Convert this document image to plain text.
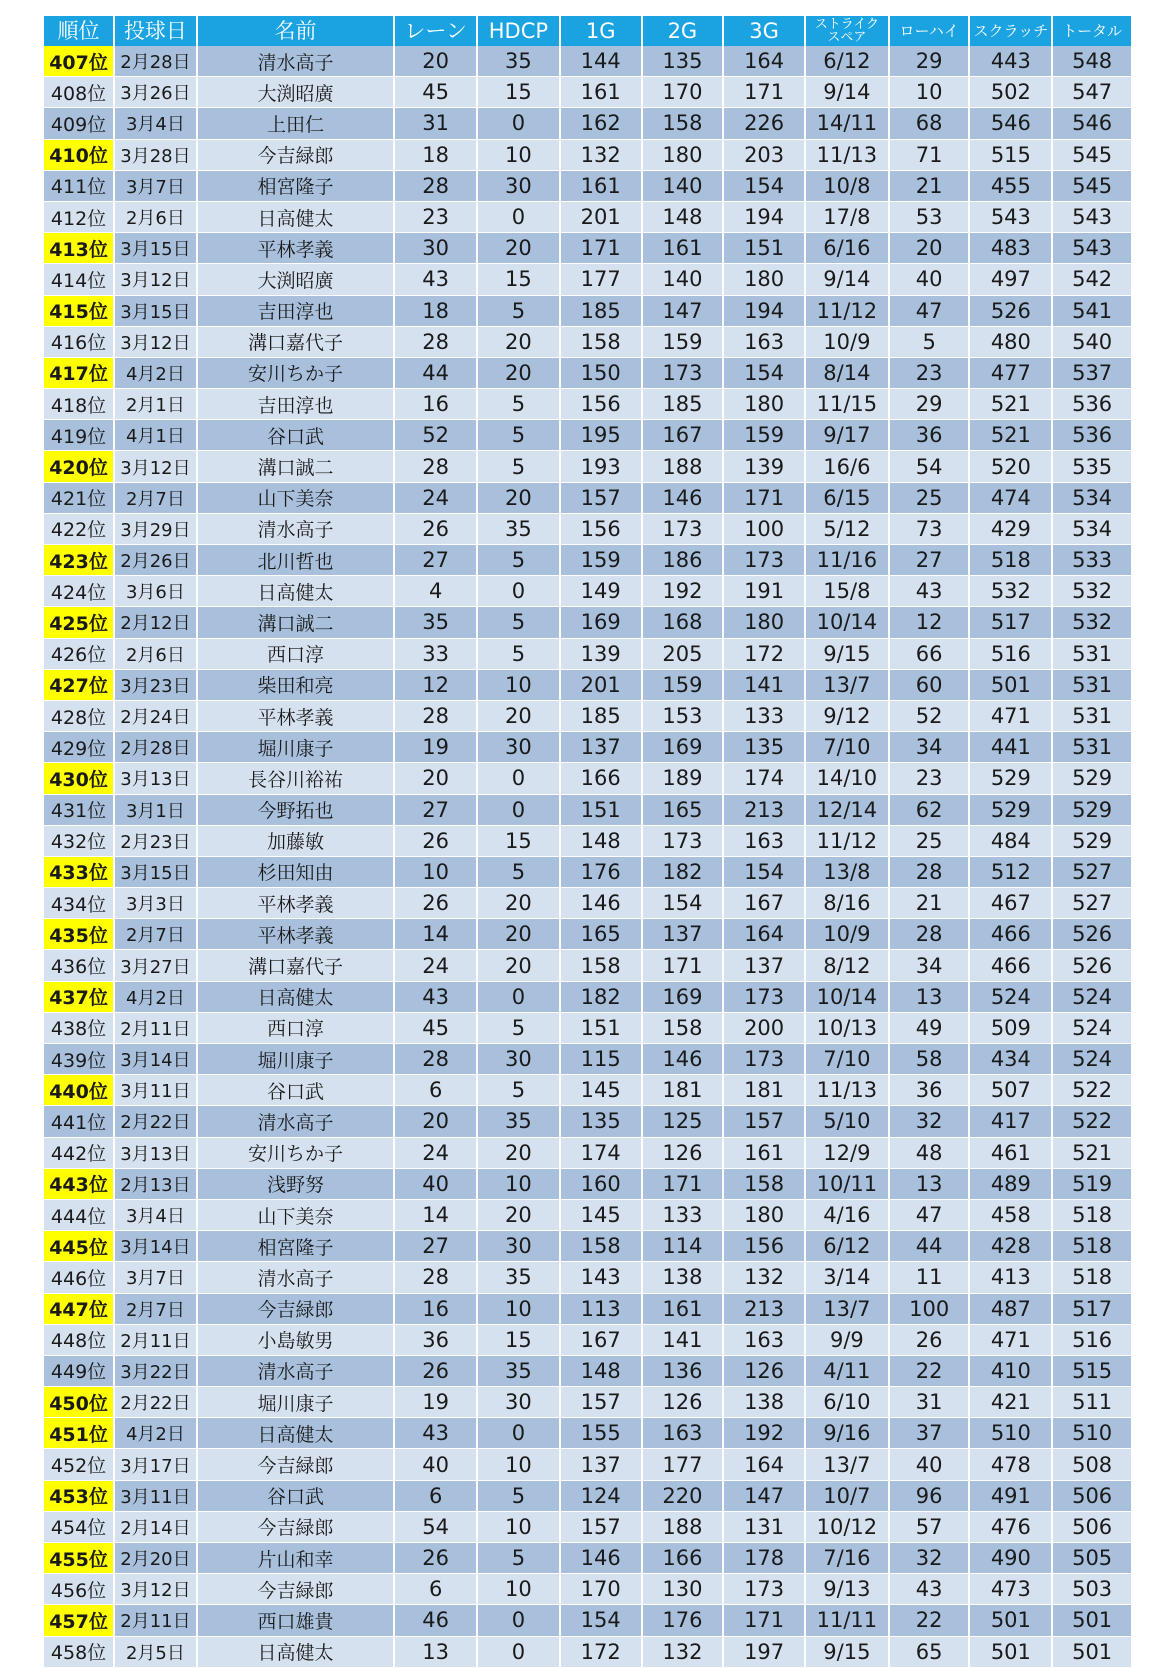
順位	投球日	名前	レーン	HDCP	1G	2G	3G	ストライク
スペア	ローハイ	スクラッチ	トータル
407位	2月28日	清水高子	20	35	144	135	164	6/12	29	443	548
408位	3月26日	大渕昭廣	45	15	161	170	171	9/14	10	502	547
409位	3月4日	上田仁	31	0	162	158	226	14/11	68	546	546
410位	3月28日	今吉緑郎	18	10	132	180	203	11/13	71	515	545
411位	3月7日	相宮隆子	28	30	161	140	154	10/8	21	455	545
412位	2月6日	日高健太	23	0	201	148	194	17/8	53	543	543
413位	3月15日	平林孝義	30	20	171	161	151	6/16	20	483	543
414位	3月12日	大渕昭廣	43	15	177	140	180	9/14	40	497	542
415位	3月15日	吉田淳也	18	5	185	147	194	11/12	47	526	541
416位	3月12日	溝口嘉代子	28	20	158	159	163	10/9	5	480	540
417位	4月2日	安川ちか子	44	20	150	173	154	8/14	23	477	537
418位	2月1日	吉田淳也	16	5	156	185	180	11/15	29	521	536
419位	4月1日	谷口武	52	5	195	167	159	9/17	36	521	536
420位	3月12日	溝口誠二	28	5	193	188	139	16/6	54	520	535
421位	2月7日	山下美奈	24	20	157	146	171	6/15	25	474	534
422位	3月29日	清水高子	26	35	156	173	100	5/12	73	429	534
423位	2月26日	北川哲也	27	5	159	186	173	11/16	27	518	533
424位	3月6日	日高健太	4	0	149	192	191	15/8	43	532	532
425位	2月12日	溝口誠二	35	5	169	168	180	10/14	12	517	532
426位	2月6日	西口淳	33	5	139	205	172	9/15	66	516	531
427位	3月23日	柴田和亮	12	10	201	159	141	13/7	60	501	531
428位	2月24日	平林孝義	28	20	185	153	133	9/12	52	471	531
429位	2月28日	堀川康子	19	30	137	169	135	7/10	34	441	531
430位	3月13日	長谷川裕祐	20	0	166	189	174	14/10	23	529	529
431位	3月1日	今野拓也	27	0	151	165	213	12/14	62	529	529
432位	2月23日	加藤敏	26	15	148	173	163	11/12	25	484	529
433位	3月15日	杉田知由	10	5	176	182	154	13/8	28	512	527
434位	3月3日	平林孝義	26	20	146	154	167	8/16	21	467	527
435位	2月7日	平林孝義	14	20	165	137	164	10/9	28	466	526
436位	3月27日	溝口嘉代子	24	20	158	171	137	8/12	34	466	526
437位	4月2日	日高健太	43	0	182	169	173	10/14	13	524	524
438位	2月11日	西口淳	45	5	151	158	200	10/13	49	509	524
439位	3月14日	堀川康子	28	30	115	146	173	7/10	58	434	524
440位	3月11日	谷口武	6	5	145	181	181	11/13	36	507	522
441位	2月22日	清水高子	20	35	135	125	157	5/10	32	417	522
442位	3月13日	安川ちか子	24	20	174	126	161	12/9	48	461	521
443位	2月13日	浅野努	40	10	160	171	158	10/11	13	489	519
444位	3月4日	山下美奈	14	20	145	133	180	4/16	47	458	518
445位	3月14日	相宮隆子	27	30	158	114	156	6/12	44	428	518
446位	3月7日	清水高子	28	35	143	138	132	3/14	11	413	518
447位	2月7日	今吉緑郎	16	10	113	161	213	13/7	100	487	517
448位	2月11日	小島敏男	36	15	167	141	163	9/9	26	471	516
449位	3月22日	清水高子	26	35	148	136	126	4/11	22	410	515
450位	2月22日	堀川康子	19	30	157	126	138	6/10	31	421	511
451位	4月2日	日高健太	43	0	155	163	192	9/16	37	510	510
452位	3月17日	今吉緑郎	40	10	137	177	164	13/7	40	478	508
453位	3月11日	谷口武	6	5	124	220	147	10/7	96	491	506
454位	2月14日	今吉緑郎	54	10	157	188	131	10/12	57	476	506
455位	2月20日	片山和幸	26	5	146	166	178	7/16	32	490	505
456位	3月12日	今吉緑郎	6	10	170	130	173	9/13	43	473	503
457位	2月11日	西口雄貴	46	0	154	176	171	11/11	22	501	501
458位	2月5日	日高健太	13	0	172	132	197	9/15	65	501	501
